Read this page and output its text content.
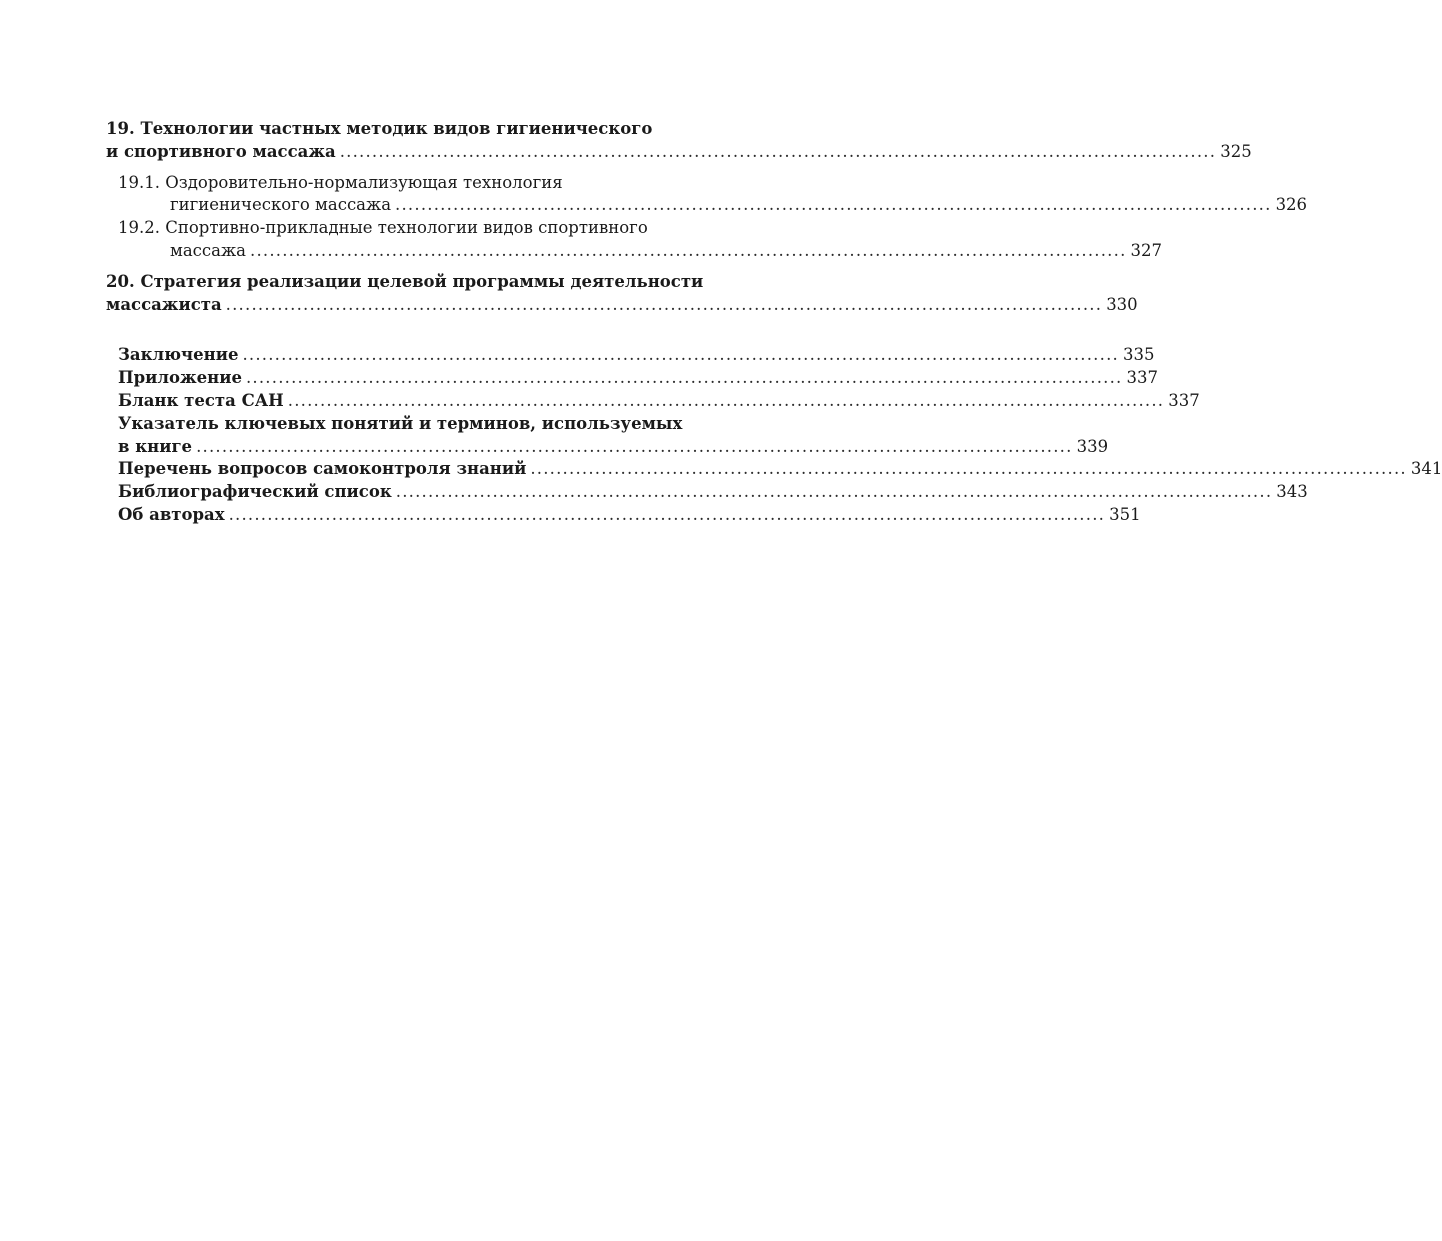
19. Технологии частных методик видов гигиенического
и спортивного массажа ........................................................................................................................................ 325
19.1. Оздоровительно-нормализующая технология
гигиенического массажа ........................................................................................................................................ 326
19.2. Спортивно-прикладные технологии видов спортивного
массажа ........................................................................................................................................ 327
20. Стратегия реализации целевой программы деятельности
массажиста ........................................................................................................................................ 330
Заключение ........................................................................................................................................ 335
Приложение ........................................................................................................................................ 337
Бланк теста САН ........................................................................................................................................ 337
Указатель ключевых понятий и терминов, используемых
в книге ........................................................................................................................................ 339
Перечень вопросов самоконтроля знаний ........................................................................................................................................ 341
Библиографический список ........................................................................................................................................ 343
Об авторах ........................................................................................................................................ 351
